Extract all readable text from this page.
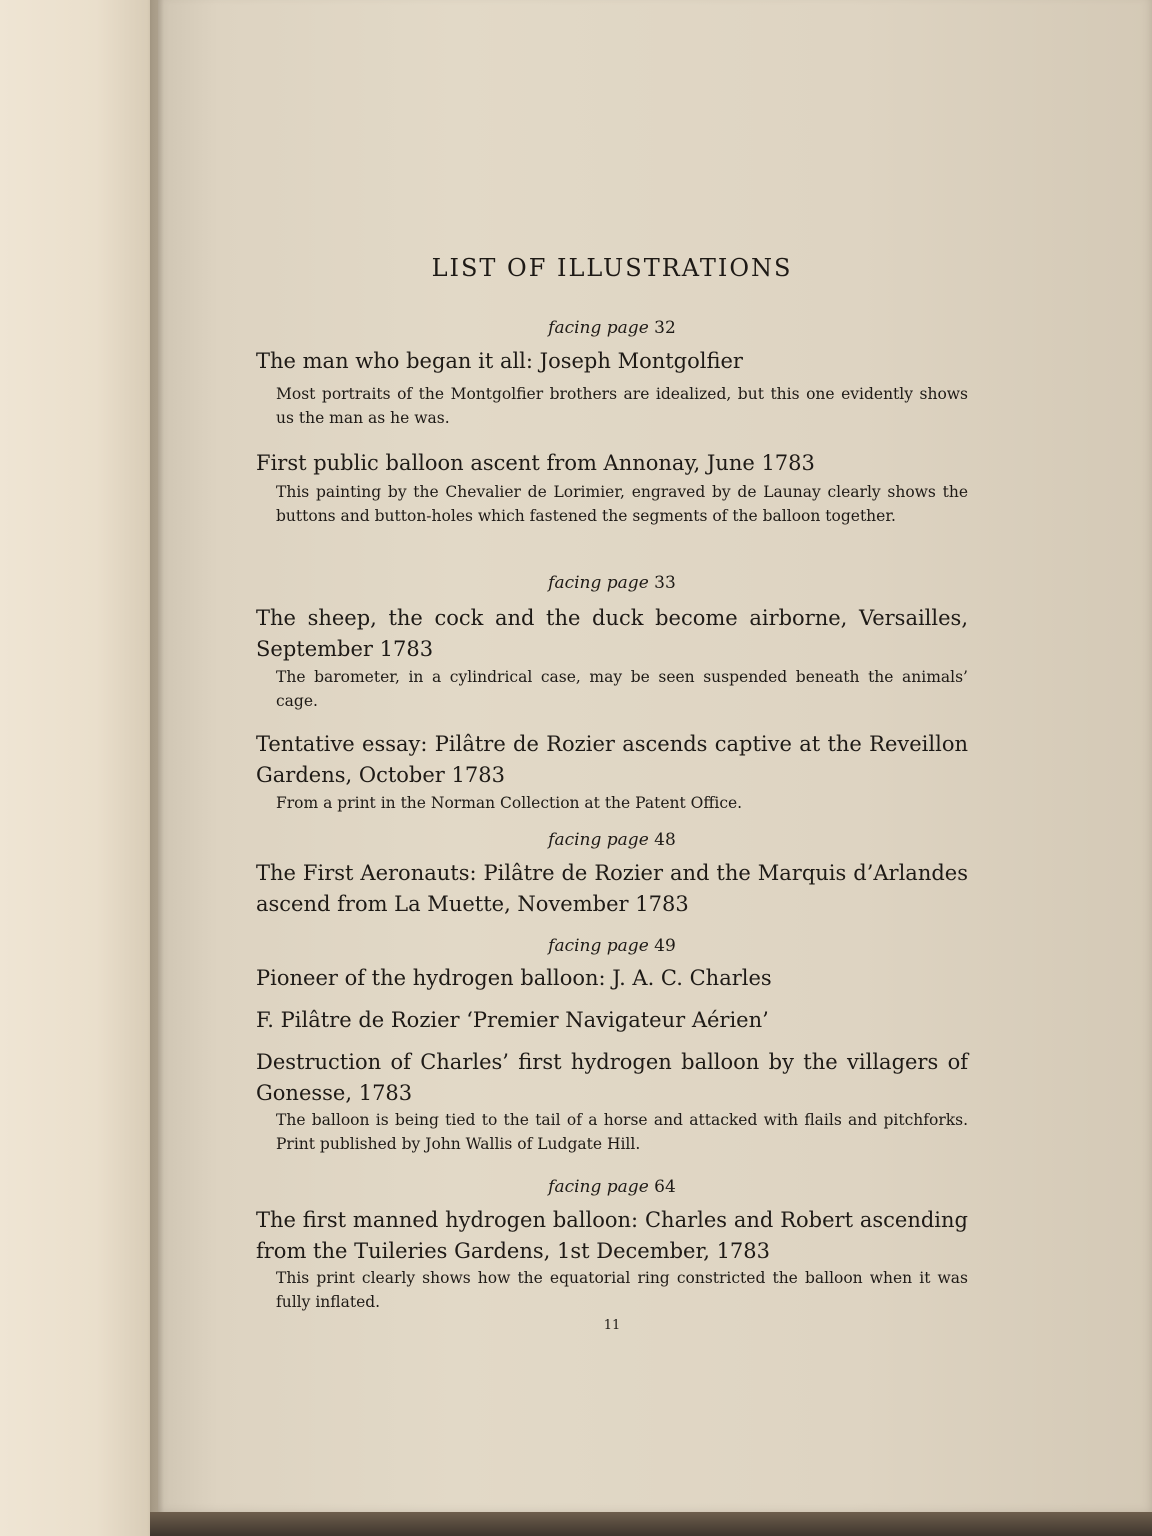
LIST OF ILLUSTRATIONS
facing page 32
The man who began it all: Joseph Montgolfier
Most portraits of the Montgolfier brothers are idealized, but this one evidently shows us the man as he was.
First public balloon ascent from Annonay, June 1783
This painting by the Chevalier de Lorimier, engraved by de Launay clearly shows the buttons and button-holes which fastened the segments of the balloon together.
facing page 33
The sheep, the cock and the duck become airborne, Versailles, September 1783
The barometer, in a cylindrical case, may be seen suspended beneath the animals’ cage.
Tentative essay: Pilâtre de Rozier ascends captive at the Reveillon Gardens, October 1783
From a print in the Norman Collection at the Patent Office.
facing page 48
The First Aeronauts: Pilâtre de Rozier and the Marquis d’Arlandes ascend from La Muette, November 1783
facing page 49
Pioneer of the hydrogen balloon: J. A. C. Charles
F. Pilâtre de Rozier ‘Premier Navigateur Aérien’
Destruction of Charles’ first hydrogen balloon by the villagers of Gonesse, 1783
The balloon is being tied to the tail of a horse and attacked with flails and pitchforks. Print published by John Wallis of Ludgate Hill.
facing page 64
The first manned hydrogen balloon: Charles and Robert ascending from the Tuileries Gardens, 1st December, 1783
This print clearly shows how the equatorial ring constricted the balloon when it was fully inflated.
11
